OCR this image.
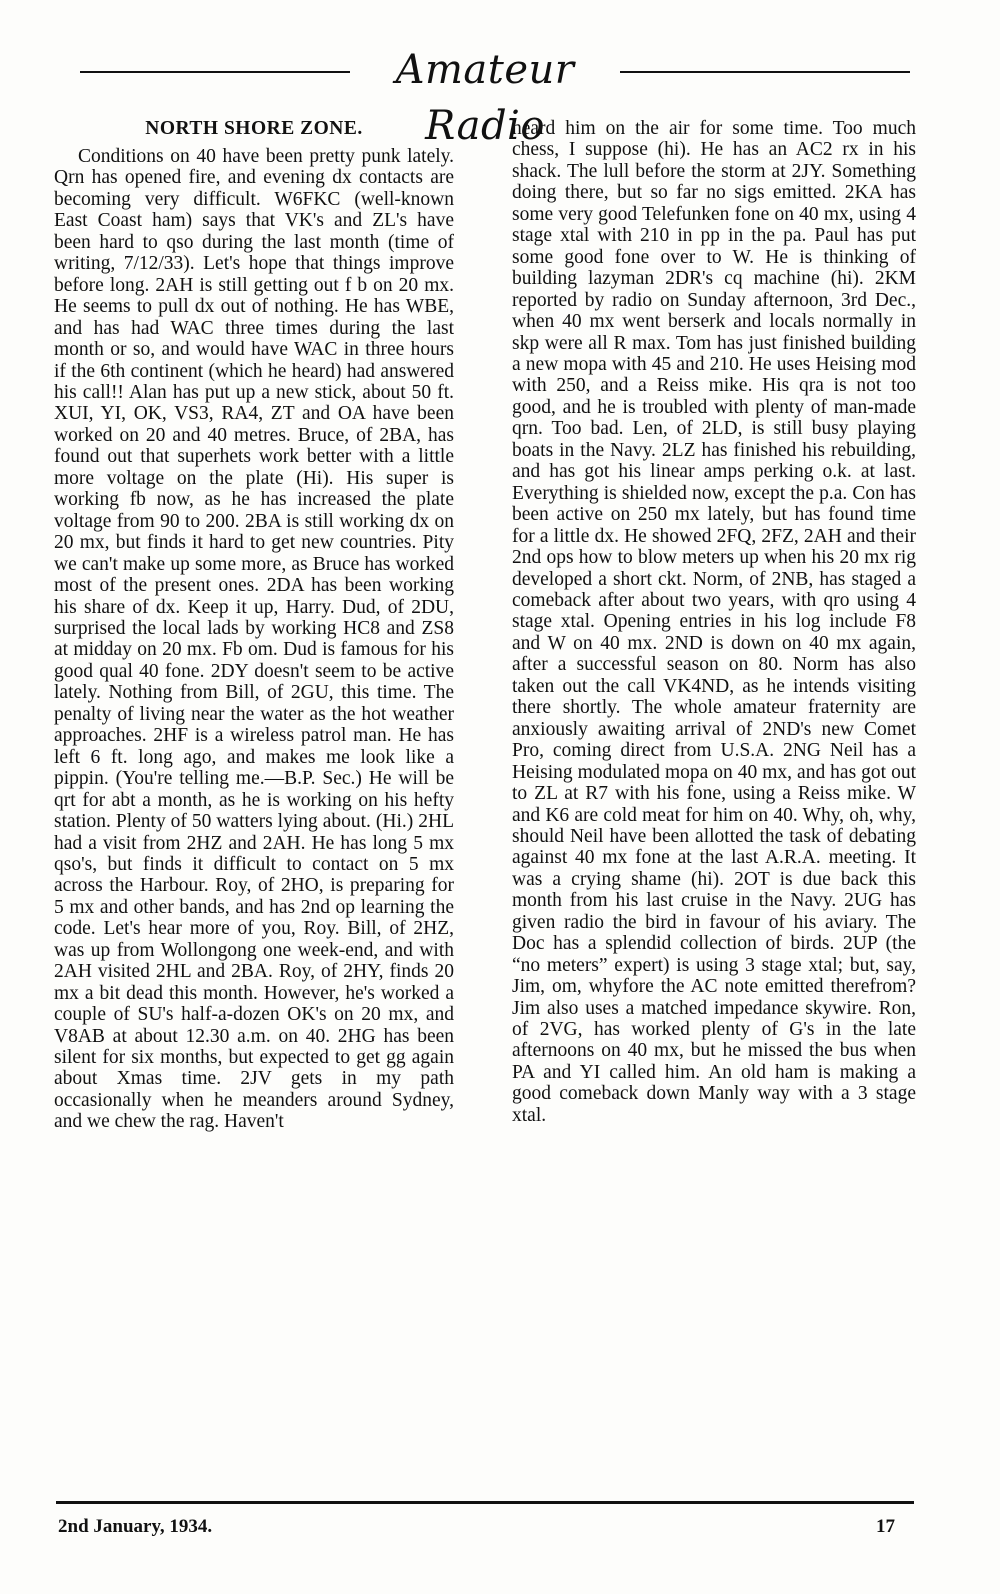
Amateur Radio
NORTH SHORE ZONE.

Conditions on 40 have been pretty punk lately. Qrn has opened fire, and evening dx contacts are becoming very difficult. W6FKC (well-known East Coast ham) says that VK's and ZL's have been hard to qso during the last month (time of writing, 7/12/33). Let's hope that things improve before long. 2AH is still getting out f b on 20 mx. He seems to pull dx out of nothing. He has WBE, and has had WAC three times during the last month or so, and would have WAC in three hours if the 6th continent (which he heard) had answered his call!! Alan has put up a new stick, about 50 ft. XUI, YI, OK, VS3, RA4, ZT and OA have been worked on 20 and 40 metres. Bruce, of 2BA, has found out that superhets work better with a little more voltage on the plate (Hi). His super is working fb now, as he has increased the plate voltage from 90 to 200. 2BA is still working dx on 20 mx, but finds it hard to get new countries. Pity we can't make up some more, as Bruce has worked most of the present ones. 2DA has been working his share of dx. Keep it up, Harry. Dud, of 2DU, surprised the local lads by working HC8 and ZS8 at midday on 20 mx. Fb om. Dud is famous for his good qual 40 fone. 2DY doesn't seem to be active lately. Nothing from Bill, of 2GU, this time. The penalty of living near the water as the hot weather approaches. 2HF is a wireless patrol man. He has left 6 ft. long ago, and makes me look like a pippin. (You're telling me.—B.P. Sec.) He will be qrt for abt a month, as he is working on his hefty station. Plenty of 50 watters lying about. (Hi.) 2HL had a visit from 2HZ and 2AH. He has long 5 mx qso's, but finds it difficult to contact on 5 mx across the Harbour. Roy, of 2HO, is preparing for 5 mx and other bands, and has 2nd op learning the code. Let's hear more of you, Roy. Bill, of 2HZ, was up from Wollongong one week-end, and with 2AH visited 2HL and 2BA. Roy, of 2HY, finds 20 mx a bit dead this month. However, he's worked a couple of SU's half-a-dozen OK's on 20 mx, and V8AB at about 12.30 a.m. on 40. 2HG has been silent for six months, but expected to get gg again about Xmas time. 2JV gets in my path occasionally when he meanders around Sydney, and we chew the rag. Haven't

heard him on the air for some time. Too much chess, I suppose (hi). He has an AC2 rx in his shack. The lull before the storm at 2JY. Something doing there, but so far no sigs emitted. 2KA has some very good Telefunken fone on 40 mx, using 4 stage xtal with 210 in pp in the pa. Paul has put some good fone over to W. He is thinking of building lazyman 2DR's cq machine (hi). 2KM reported by radio on Sunday afternoon, 3rd Dec., when 40 mx went berserk and locals normally in skp were all R max. Tom has just finished building a new mopa with 45 and 210. He uses Heising mod with 250, and a Reiss mike. His qra is not too good, and he is troubled with plenty of man-made qrn. Too bad. Len, of 2LD, is still busy playing boats in the Navy. 2LZ has finished his rebuilding, and has got his linear amps perking o.k. at last. Everything is shielded now, except the p.a. Con has been active on 250 mx lately, but has found time for a little dx. He showed 2FQ, 2FZ, 2AH and their 2nd ops how to blow meters up when his 20 mx rig developed a short ckt. Norm, of 2NB, has staged a comeback after about two years, with qro using 4 stage xtal. Opening entries in his log include F8 and W on 40 mx. 2ND is down on 40 mx again, after a successful season on 80. Norm has also taken out the call VK4ND, as he intends visiting there shortly. The whole amateur fraternity are anxiously awaiting arrival of 2ND's new Comet Pro, coming direct from U.S.A. 2NG Neil has a Heising modulated mopa on 40 mx, and has got out to ZL at R7 with his fone, using a Reiss mike. W and K6 are cold meat for him on 40. Why, oh, why, should Neil have been allotted the task of debating against 40 mx fone at the last A.R.A. meeting. It was a crying shame (hi). 2OT is due back this month from his last cruise in the Navy. 2UG has given radio the bird in favour of his aviary. The Doc has a splendid collection of birds. 2UP (the “no meters” expert) is using 3 stage xtal; but, say, Jim, om, whyfore the AC note emitted therefrom? Jim also uses a matched impedance skywire. Ron, of 2VG, has worked plenty of G's in the late afternoons on 40 mx, but he missed the bus when PA and YI called him. An old ham is making a good comeback down Manly way with a 3 stage xtal.

2nd January, 1934.	17
